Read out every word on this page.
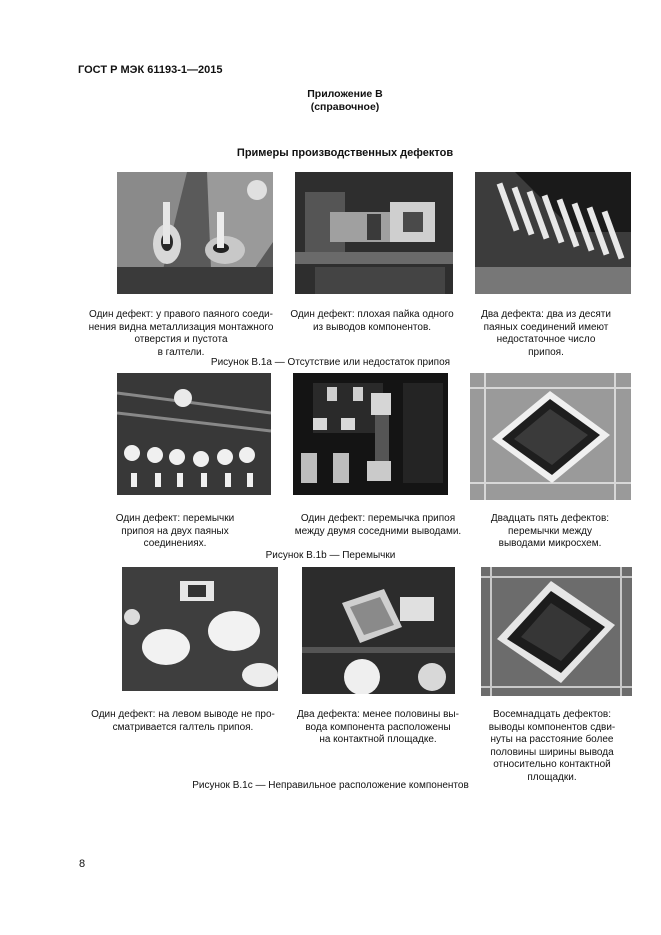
ГОСТ Р МЭК 61193-1—2015
Приложение В
(справочное)
Примеры производственных дефектов
Один дефект: у правого паяного соеди-
нения видна металлизация монтажного
отверстия и пустота
в галтели.
Один дефект: плохая пайка одного
из выводов компонентов.
Два дефекта: два из десяти
паяных соединений имеют
недостаточное число
припоя.
Рисунок В.1а — Отсутствие или недостаток припоя
Один дефект: перемычки
припоя на двух паяных
соединениях.
Один дефект: перемычка припоя
между двумя соседними выводами.
Двадцать пять дефектов:
перемычки между
выводами микросхем.
Рисунок В.1b — Перемычки
Один дефект: на левом выводе не про-
сматривается галтель припоя.
Два дефекта: менее половины вы-
вода компонента расположены
на контактной площадке.
Восемнадцать дефектов:
выводы компонентов сдви-
нуты на расстояние более
половины ширины вывода
относительно контактной
площадки.
Рисунок В.1с — Неправильное расположение компонентов
8
